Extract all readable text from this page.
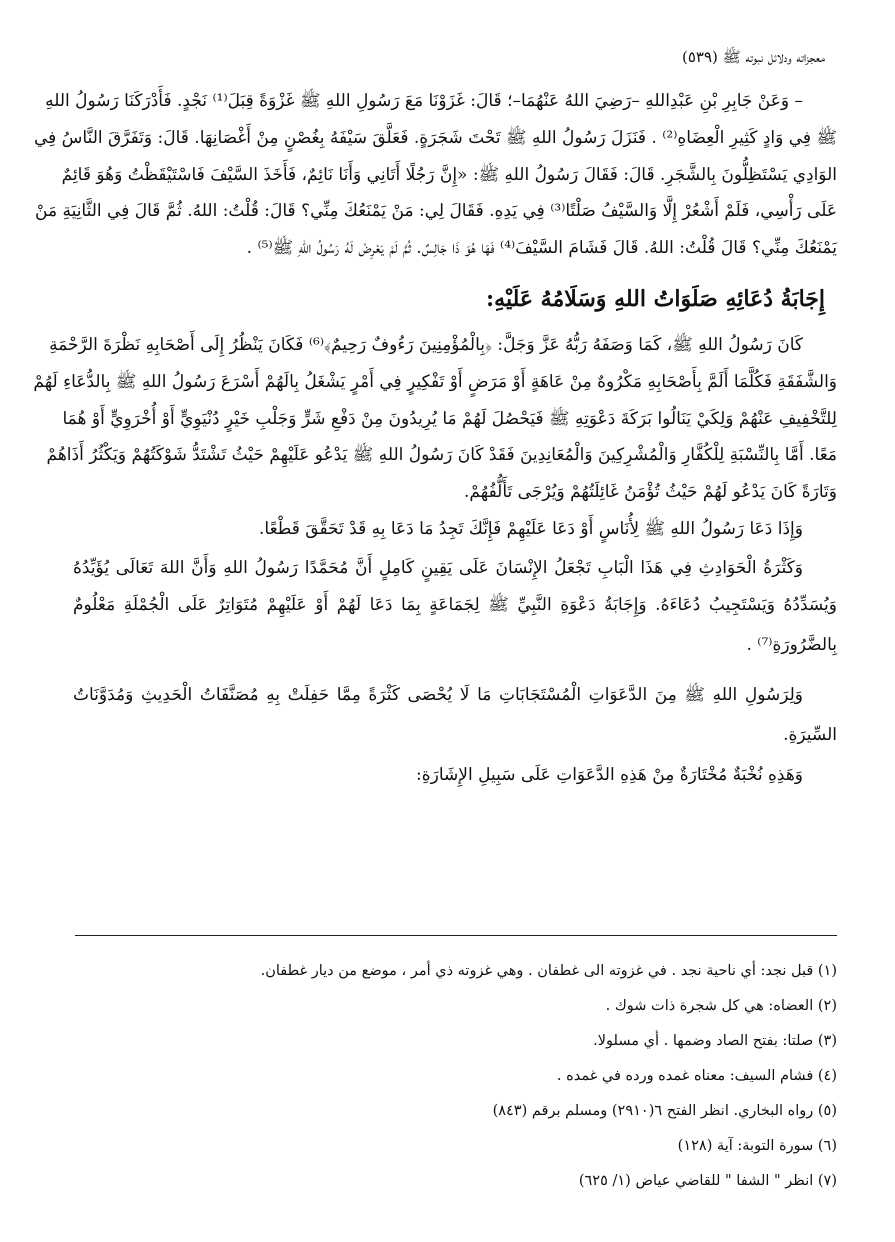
معجزاته ودلائل نبوته ﷺ (٥٣٩)
– وَعَنْ جَابِرِ بْنِ عَبْدِاللهِ –رَضِيَ اللهُ عَنْهُمَا–؛ قَالَ: غَزَوْنَا مَعَ رَسُولِ اللهِ ﷺ غَزْوَةً قِبَلَ⁽¹⁾ نَجْدٍ. فَأَدْرَكَنَا رَسُولُ اللهِ
ﷺ فِي وَادٍ كَثِيرِ الْعِضَاهِ⁽²⁾ . فَنَزَلَ رَسُولُ اللهِ ﷺ تَحْتَ شَجَرَةٍ. فَعَلَّقَ سَيْفَهُ بِغُصْنٍ مِنْ أَغْصَانِهَا. قَالَ: وَتَفَرَّقَ النَّاسُ فِي
الوَادِي يَسْتَظِلُّونَ بِالشَّجَرِ. قَالَ: فَقَالَ رَسُولُ اللهِ ﷺ: «إِنَّ رَجُلًا أَتَانِي وَأَنَا نَائِمٌ، فَأَخَذَ السَّيْفَ فَاسْتَيْقَظْتُ وَهُوَ قَائِمٌ
عَلَى رَأْسِي، فَلَمْ أَشْعُرْ إِلَّا وَالسَّيْفُ صَلْتًا⁽³⁾ فِي يَدِهِ. فَقَالَ لِي: مَنْ يَمْنَعُكَ مِنِّي؟ قَالَ: قُلْتُ: اللهُ. ثُمَّ قَالَ فِي الثَّانِيَةِ مَنْ
يَمْنَعُكَ مِنِّي؟ قَالَ قُلْتُ: اللهُ. قَالَ فَشَامَ السَّيْفَ⁽⁴⁾ فَهَا هُوَ ذَا جَالِسٌ. ثُمَّ لَمْ يَعْرِضْ لَهُ رَسُولُ اللهِ ﷺ⁽⁵⁾ .
إِجَابَةُ دُعَائِهِ صَلَوَاتُ اللهِ وَسَلَامُهُ عَلَيْهِ:
كَانَ رَسُولُ اللهِ ﷺ، كَمَا وَصَفَهُ رَبُّهُ عَزَّ وَجَلَّ: ﴿بِالْمُؤْمِنِينَ رَءُوفٌ رَحِيمٌ﴾⁽⁶⁾ فَكَانَ يَنْظُرُ إِلَى أَصْحَابِهِ نَظْرَةَ الرَّحْمَةِ
وَالشَّفَقَةِ فَكُلَّمَا أَلَمَّ بِأَصْحَابِهِ مَكْرُوهٌ مِنْ عَاهَةٍ أَوْ مَرَضٍ أَوْ تَفْكِيرٍ فِي أَمْرٍ يَشْغَلُ بِالَهُمْ أَسْرَعَ رَسُولُ اللهِ ﷺ بِالدُّعَاءِ لَهُمْ
لِلتَّخْفِيفِ عَنْهُمْ وَلِكَيْ يَنَالُوا بَرَكَةَ دَعْوَتِهِ ﷺ فَيَحْصُلَ لَهُمْ مَا يُرِيدُونَ مِنْ دَفْعِ شَرٍّ وَجَلْبِ خَيْرٍ دُنْيَوِيٍّ أَوْ أُخْرَوِيٍّ أَوْ هُمَا
مَعًا. أَمَّا بِالنِّسْبَةِ لِلْكُفَّارِ وَالْمُشْرِكِينَ وَالْمُعَانِدِينَ فَقَدْ كَانَ رَسُولُ اللهِ ﷺ يَدْعُو عَلَيْهِمْ حَيْثُ تَشْتَدُّ شَوْكَتُهُمْ وَيَكْثُرُ أَذَاهُمْ
وَتَارَةً كَانَ يَدْعُو لَهُمْ حَيْثُ تُؤْمَنُ غَائِلَتُهُمْ وَيُرْجَى تَأَلُّفُهُمْ.
وَإِذَا دَعَا رَسُولُ اللهِ ﷺ لِأُنَاسٍ أَوْ دَعَا عَلَيْهِمْ فَإِنَّكَ تَجِدُ مَا دَعَا بِهِ قَدْ تَحَقَّقَ قَطْعًا.
وَكَثْرَةُ الْحَوَادِثِ فِي هَذَا الْبَابِ تَجْعَلُ الإِنْسَانَ عَلَى يَقِينٍ كَامِلٍ أَنَّ مُحَمَّدًا رَسُولُ اللهِ وَأَنَّ اللهَ تَعَالَى يُؤَيِّدُهُ
وَيُسَدِّدُهُ وَيَسْتَجِيبُ دُعَاءَهُ. وَإِجَابَةُ دَعْوَةِ النَّبِيِّ ﷺ لِجَمَاعَةٍ بِمَا دَعَا لَهُمْ أَوْ عَلَيْهِمْ مُتَوَاتِرٌ عَلَى الْجُمْلَةِ مَعْلُومٌ
بِالضَّرُورَةِ⁽⁷⁾ .
وَلِرَسُولِ اللهِ ﷺ مِنَ الدَّعَوَاتِ الْمُسْتَجَابَاتِ مَا لَا يُحْصَى كَثْرَةً مِمَّا حَفِلَتْ بِهِ مُصَنَّفَاتُ الْحَدِيثِ وَمُدَوَّنَاتُ
السِّيرَةِ.
وَهَذِهِ نُخْبَةٌ مُخْتَارَةٌ مِنْ هَذِهِ الدَّعَوَاتِ عَلَى سَبِيلِ الإِشَارَةِ:
(١) قبل نجد: أي ناحية نجد . في غزوته الى غطفان . وهي غزوته ذي أمر ، موضع من ديار غطفان.
(٢) العضاه: هي كل شجرة ذات شوك .
(٣) صلتا: بفتح الصاد وضمها . أي مسلولا.
(٤) فشام السيف: معناه غمده ورده في غمده .
(٥) رواه البخاري. انظر الفتح ٦(٢٩١٠) ومسلم برقم (٨٤٣)
(٦) سورة التوبة: آية (١٢٨)
(٧) انظر " الشفا " للقاضي عياض (١/ ٦٢٥)
